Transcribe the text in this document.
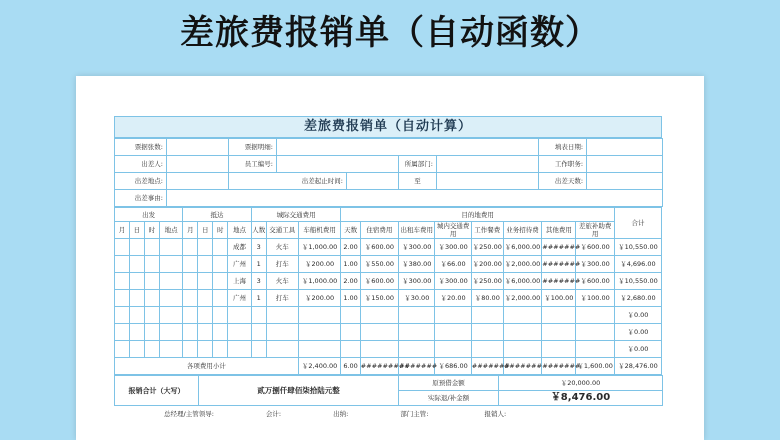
差旅费报销单（自动函数）
差旅费报销单（自动计算）
票据张数:		票据明细:					填表日期:	
出差人:		员工编号:			所属部门:		工作职务:	
出差地点:		出差起止时间:			至		出差天数:	
出差事由:								
出发				抵达				城际交通费用			目的地费用								合计
月	日	时	地点	月	日	时	地点	人数	交通工具	车船机费用	天数	住宿费用	出租车费用	城内交通费用	工作餐费	业务招待费	其他费用	差旅补助费用	
							成都	3	火车	￥1,000.00	2.00	￥600.00	￥300.00	￥300.00	￥250.00	￥6,000.00	#######	￥600.00	￥10,550.00
							广州	1	打车	￥200.00	1.00	￥550.00	￥380.00	￥66.00	￥200.00	￥2,000.00	#######	￥300.00	￥4,696.00
							上海	3	火车	￥1,000.00	2.00	￥600.00	￥300.00	￥300.00	￥250.00	￥6,000.00	#######	￥600.00	￥10,550.00
							广州	1	打车	￥200.00	1.00	￥150.00	￥30.00	￥20.00	￥80.00	￥2,000.00	￥100.00	￥100.00	￥2,680.00
																			￥0.00
																			￥0.00
																			￥0.00
各项费用小计										￥2,400.00	6.00	#########	#######	￥686.00	#######	#######	#######	￥1,600.00	￥28,476.00
报销合计（大写）	贰万捌仟肆佰柒拾陆元整	原预借金额	￥20,000.00
		实际退/补金额	￥8,476.00
总经理/主管领导:	会计:	出纳:	部门主管:	报销人:
